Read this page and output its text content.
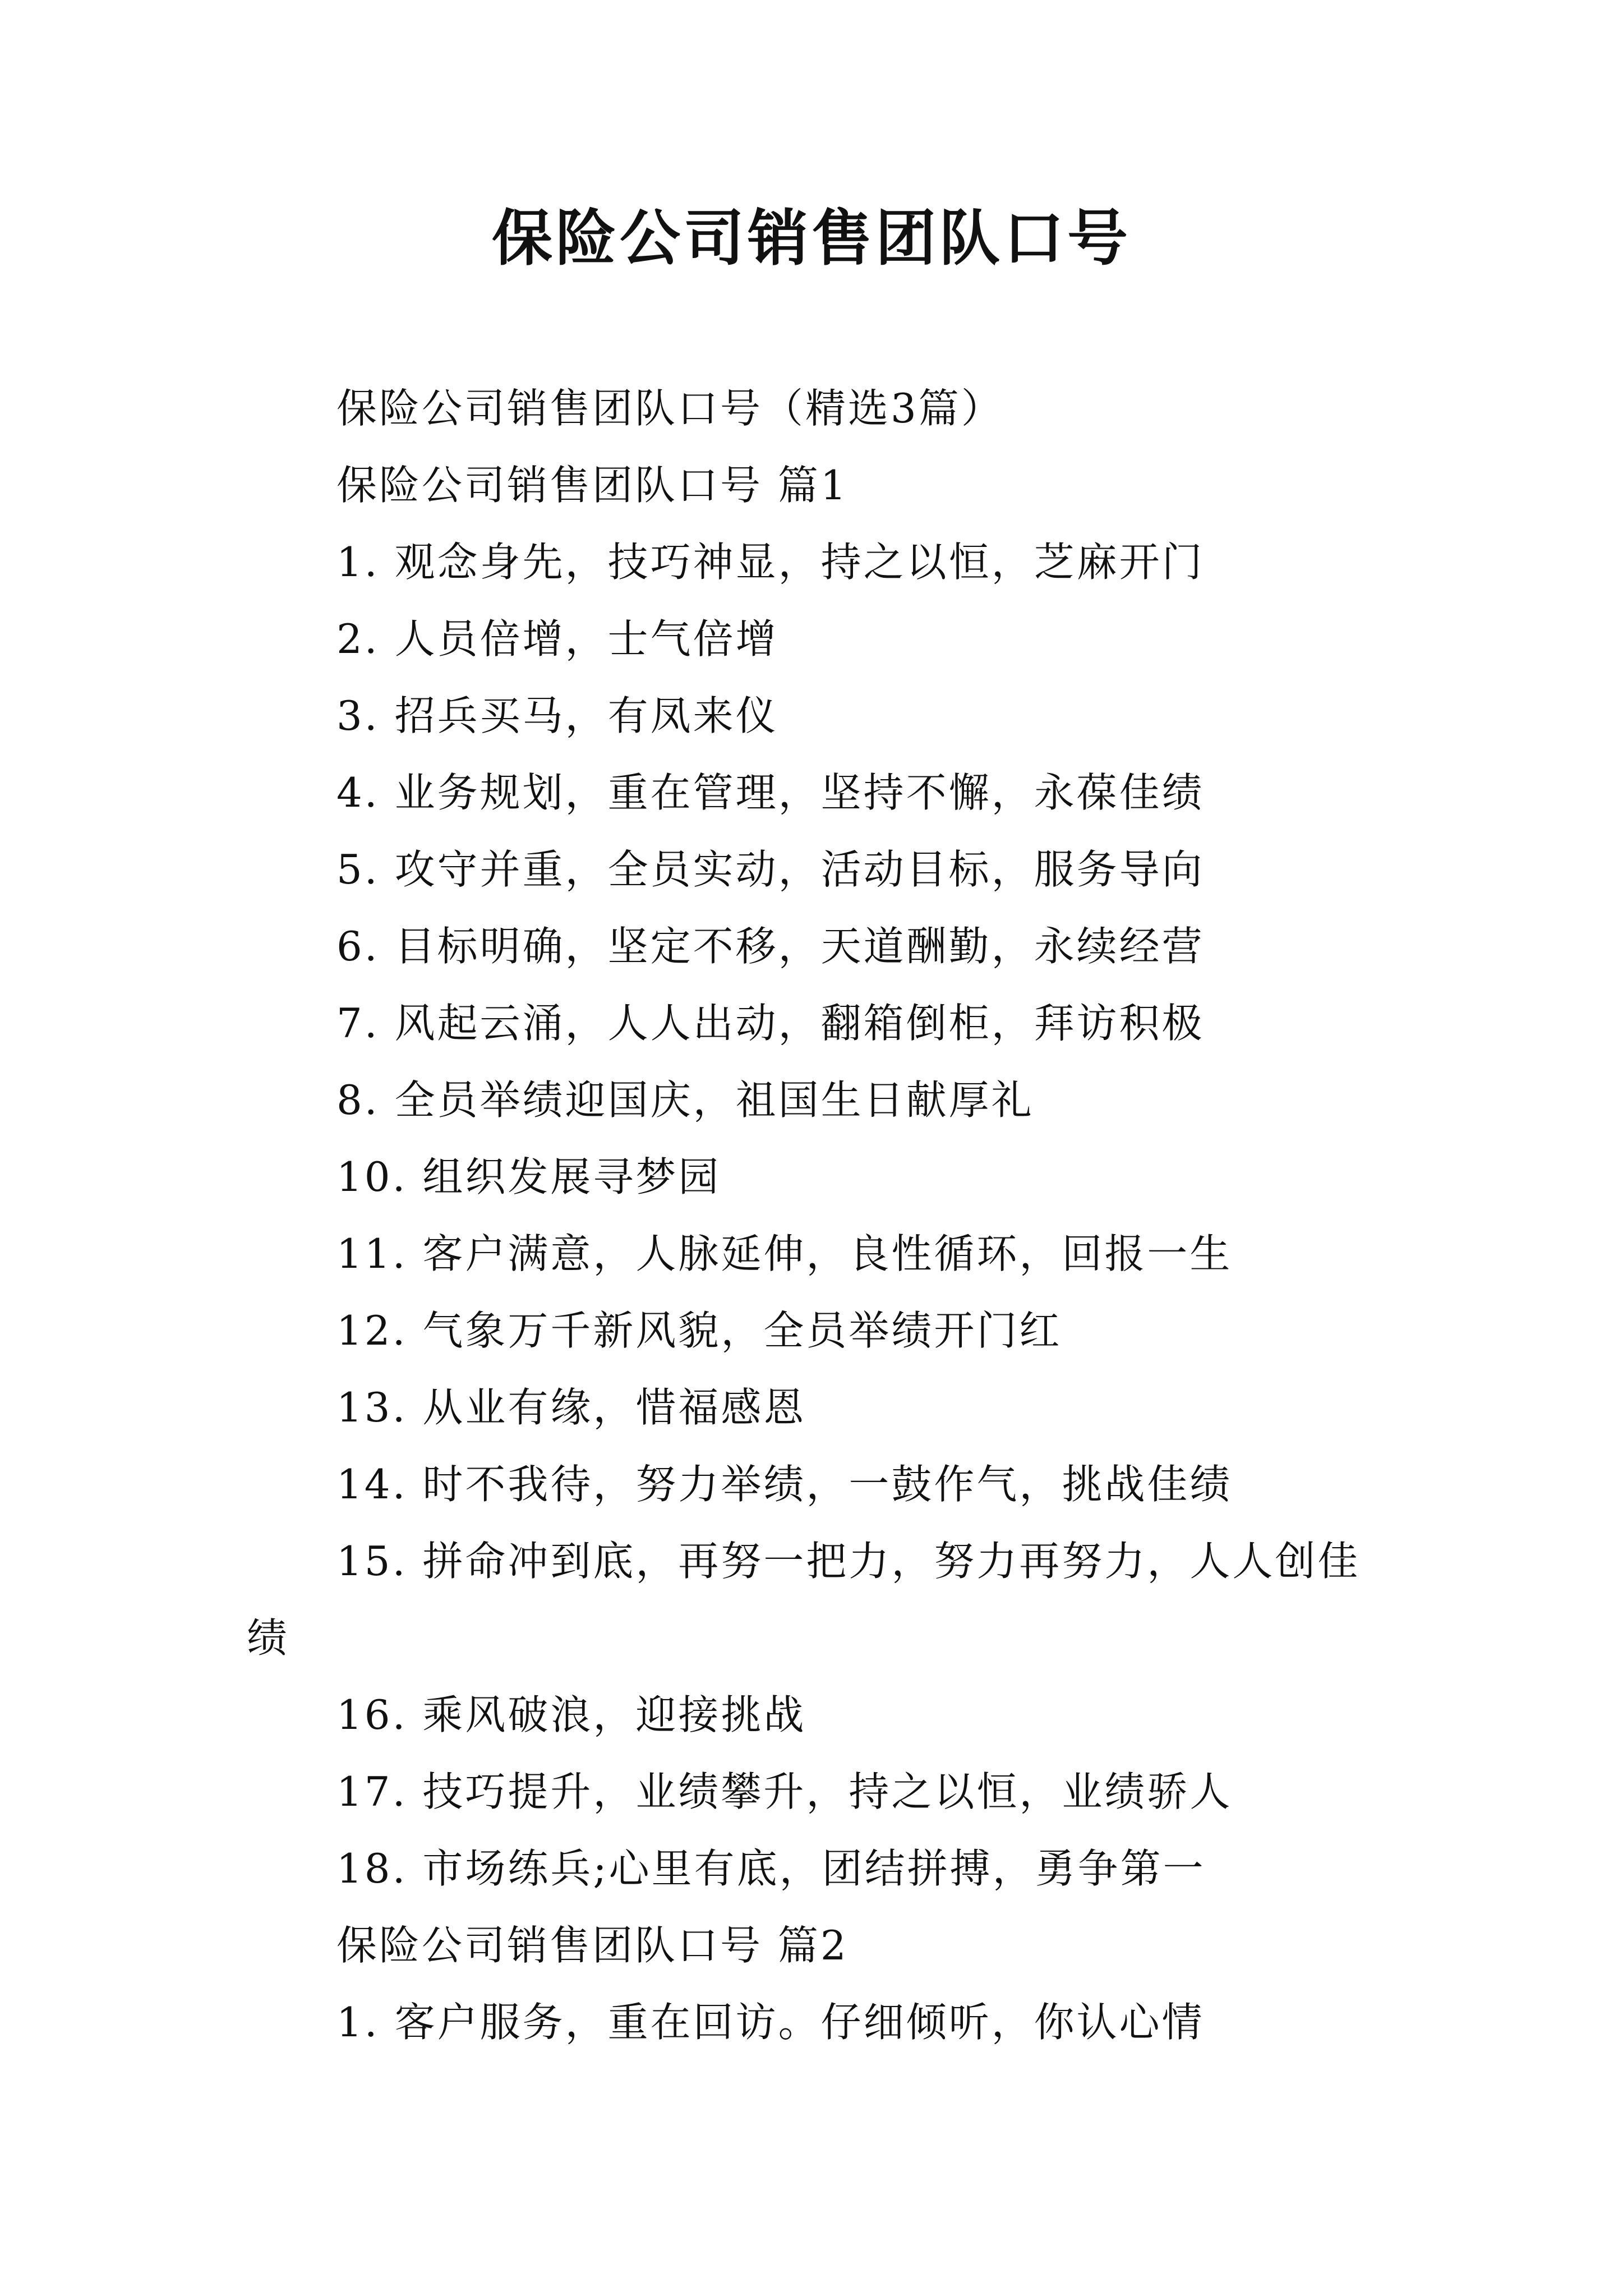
保险公司销售团队口号
保险公司销售团队口号（精选3篇）
保险公司销售团队口号 篇1
1. 观念身先，技巧神显，持之以恒，芝麻开门
2. 人员倍增，士气倍增
3. 招兵买马，有凤来仪
4. 业务规划，重在管理，坚持不懈，永葆佳绩
5. 攻守并重，全员实动，活动目标，服务导向
6. 目标明确，坚定不移，天道酬勤，永续经营
7. 风起云涌，人人出动，翻箱倒柜，拜访积极
8. 全员举绩迎国庆，祖国生日献厚礼
10. 组织发展寻梦园
11. 客户满意，人脉延伸，良性循环，回报一生
12. 气象万千新风貌，全员举绩开门红
13. 从业有缘，惜福感恩
14. 时不我待，努力举绩，一鼓作气，挑战佳绩
15. 拼命冲到底，再努一把力，努力再努力，人人创佳绩
16. 乘风破浪，迎接挑战
17. 技巧提升，业绩攀升，持之以恒，业绩骄人
18. 市场练兵;心里有底，团结拼搏，勇争第一
保险公司销售团队口号 篇2
1. 客户服务，重在回访。仔细倾听，你认心情
